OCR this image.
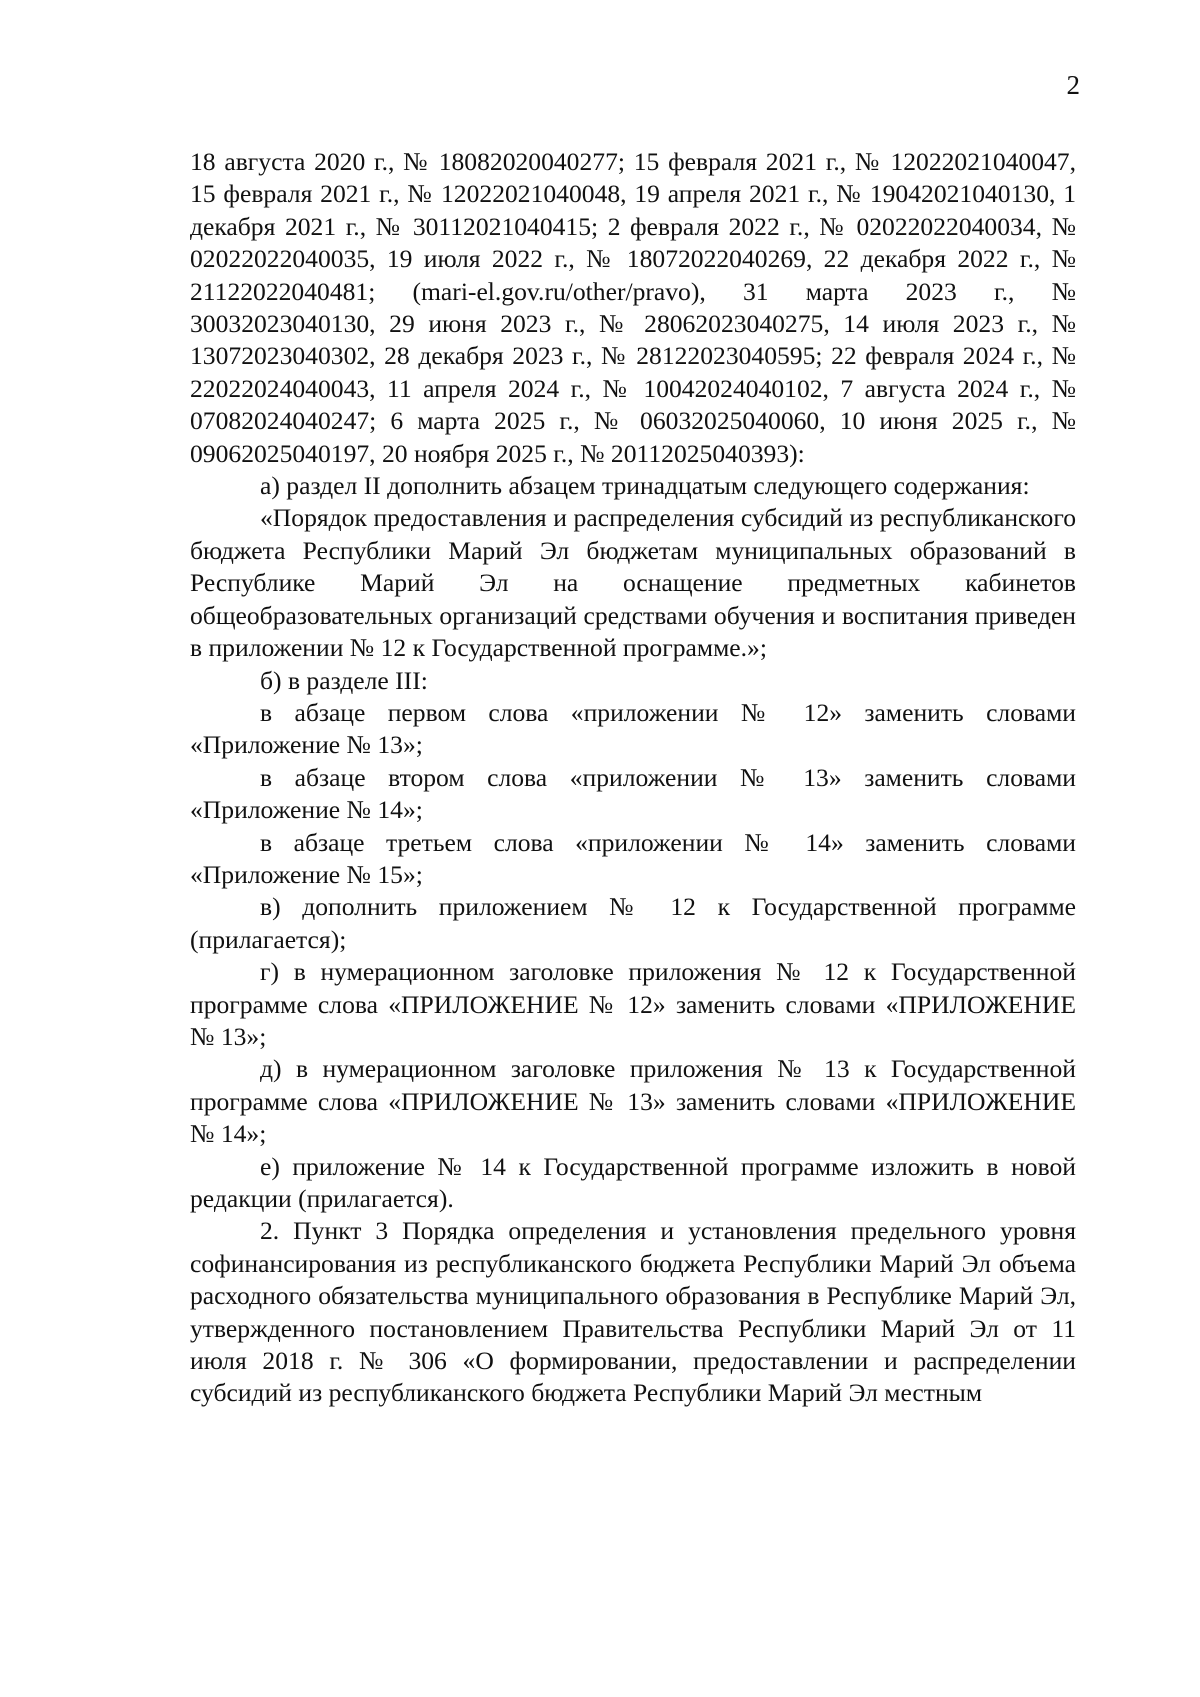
2

18 августа 2020 г., № 18082020040277; 15 февраля 2021 г., № 12022021040047, 15 февраля 2021 г., № 12022021040048, 19 апреля 2021 г., № 19042021040130, 1 декабря 2021 г., № 30112021040415; 2 февраля 2022 г., № 02022022040034, № 02022022040035, 19 июля 2022 г., № 18072022040269, 22 декабря 2022 г., № 21122022040481; (mari-el.gov.ru/other/pravo), 31 марта 2023 г., № 30032023040130, 29 июня 2023 г., № 28062023040275, 14 июля 2023 г., № 13072023040302, 28 декабря 2023 г., № 28122023040595; 22 февраля 2024 г., № 22022024040043, 11 апреля 2024 г., № 10042024040102, 7 августа 2024 г., № 07082024040247; 6 марта 2025 г., № 06032025040060, 10 июня 2025 г., № 09062025040197, 20 ноября 2025 г., № 20112025040393):

а) раздел II дополнить абзацем тринадцатым следующего содержания:

«Порядок предоставления и распределения субсидий из республиканского бюджета Республики Марий Эл бюджетам муниципальных образований в Республике Марий Эл на оснащение предметных кабинетов общеобразовательных организаций средствами обучения и воспитания приведен в приложении № 12 к Государственной программе.»;

б) в разделе III:

в абзаце первом слова «приложении № 12» заменить словами «Приложение № 13»;

в абзаце втором слова «приложении № 13» заменить словами «Приложение № 14»;

в абзаце третьем слова «приложении № 14» заменить словами «Приложение № 15»;

в) дополнить приложением № 12 к Государственной программе (прилагается);

г) в нумерационном заголовке приложения № 12 к Государственной программе слова «ПРИЛОЖЕНИЕ № 12» заменить словами «ПРИЛОЖЕНИЕ № 13»;

д) в нумерационном заголовке приложения № 13 к Государственной программе слова «ПРИЛОЖЕНИЕ № 13» заменить словами «ПРИЛОЖЕНИЕ № 14»;

е) приложение № 14 к Государственной программе изложить в новой редакции (прилагается).

2. Пункт 3 Порядка определения и установления предельного уровня софинансирования из республиканского бюджета Республики Марий Эл объема расходного обязательства муниципального образования в Республике Марий Эл, утвержденного постановлением Правительства Республики Марий Эл от 11 июля 2018 г. № 306 «О формировании, предоставлении и распределении субсидий из республиканского бюджета Республики Марий Эл местным
